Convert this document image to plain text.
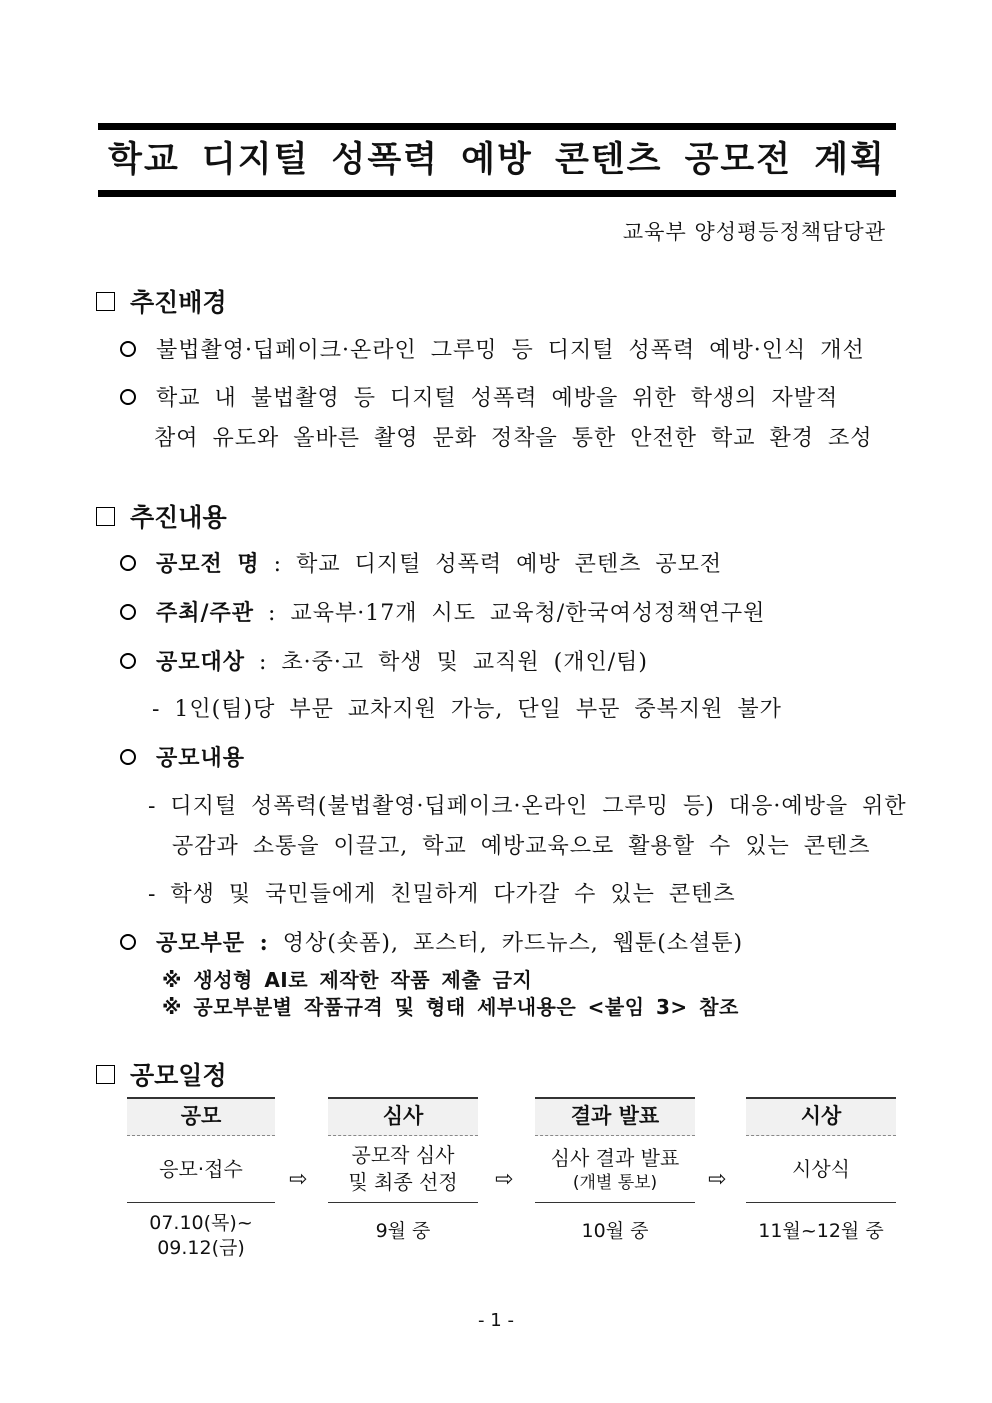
학교 디지털 성폭력 예방 콘텐츠 공모전 계획
교육부 양성평등정책담당관
추진배경
불법촬영·딥페이크·온라인 그루밍 등 디지털 성폭력 예방·인식 개선
학교 내 불법촬영 등 디지털 성폭력 예방을 위한 학생의 자발적
참여 유도와 올바른 촬영 문화 정착을 통한 안전한 학교 환경 조성
추진내용
공모전 명 : 학교 디지털 성폭력 예방 콘텐츠 공모전
주최/주관 : 교육부·17개 시도 교육청/한국여성정책연구원
공모대상 : 초·중·고 학생 및 교직원 (개인/팀)
- 1인(팀)당 부문 교차지원 가능, 단일 부문 중복지원 불가
공모내용
- 디지털 성폭력(불법촬영·딥페이크·온라인 그루밍 등) 대응·예방을 위한
공감과 소통을 이끌고, 학교 예방교육으로 활용할 수 있는 콘텐츠
- 학생 및 국민들에게 친밀하게 다가갈 수 있는 콘텐츠
공모부문 : 영상(숏폼), 포스터, 카드뉴스, 웹툰(소셜툰)
※ 생성형 AI로 제작한 작품 제출 금지
※ 공모부분별 작품규격 및 형태 세부내용은 <붙임 3> 참조
공모일정
공모
응모·접수
07.10(목)~
09.12(금)
⇨
심사
공모작 심사
및 최종 선정
9월 중
⇨
결과 발표
심사 결과 발표
(개별 통보)
10월 중
⇨
시상
시상식
11월~12월 중
- 1 -
